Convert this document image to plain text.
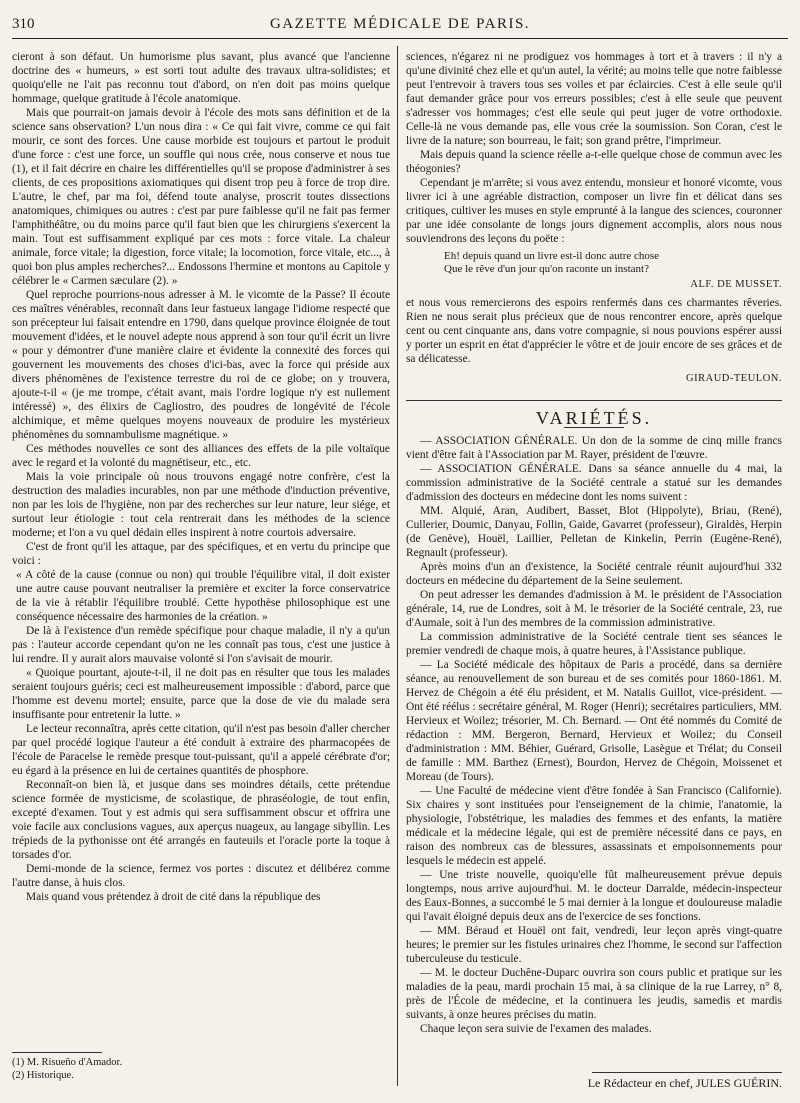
310	GAZETTE MÉDICALE DE PARIS.

cieront à son défaut. Un humorisme plus savant, plus avancé que l'ancienne doctrine des « humeurs, » est sorti tout adulte des travaux ultra-solidistes; et quoiqu'elle ne l'ait pas reconnu tout d'abord, on n'en doit pas moins quelque hommage, quelque gratitude à l'école anatomique.

Mais que pourrait-on jamais devoir à l'école des mots sans définition et de la science sans observation? L'un nous dira : « Ce qui fait vivre, comme ce qui fait mourir, ce sont des forces. Une cause morbide est toujours et partout le produit d'une force : c'est une force, un souffle qui nous crée, nous conserve et nous tue (1), et il fait décrire en chaire les différentielles qu'il se propose d'administrer à ses clients, de ces propositions axiomatiques qui disent trop peu à force de trop dire. L'autre, le chef, par ma foi, défend toute analyse, proscrit toutes dissections anatomiques, chimiques ou autres : c'est par pure faiblesse qu'il ne fait pas fermer l'amphithéâtre, ou du moins parce qu'il faut bien que les chirurgiens s'exercent la main. Tout est suffisamment expliqué par ces mots : force vitale. La chaleur animale, force vitale; la digestion, force vitale; la locomotion, force vitale, etc..., à quoi bon plus amples recherches?... Endossons l'hermine et montons au Capitole y célébrer le « Carmen sæculare (2). »

Quel reproche pourrions-nous adresser à M. le vicomte de la Passe? Il écoute ces maîtres vénérables, reconnaît dans leur fastueux langage l'idiome respecté que son précepteur lui faisait entendre en 1790, dans quelque province éloignée de tout mouvement d'idées, et le nouvel adepte nous apprend à son tour qu'il écrit un livre « pour y démontrer d'une manière claire et évidente la connexité des forces qui gouvernent les mouvements des choses d'ici-bas, avec la force qui préside aux divers phénomènes de l'existence terrestre du roi de ce globe; on y trouvera, ajoute-t-il « (je me trompe, c'était avant, mais l'ordre logique n'y est nullement intéressé) », des élixirs de Cagliostro, des poudres de longévité de l'école alchimique, et même quelques moyens nouveaux de produire les mystérieux phénomènes du somnambulisme magnétique. »

Ces méthodes nouvelles ce sont des alliances des effets de la pile voltaïque avec le regard et la volonté du magnétiseur, etc., etc.

Mais la voie principale où nous trouvons engagé notre confrère, c'est la destruction des maladies incurables, non par une méthode d'induction préventive, non par les lois de l'hygiène, non par des recherches sur leur nature, leur siége, et surtout leur étiologie : tout cela rentrerait dans les méthodes de la science moderne; et l'on a vu quel dédain elles inspirent à notre courtois adversaire.

C'est de front qu'il les attaque, par des spécifiques, et en vertu du principe que voici :

« A côté de la cause (connue ou non) qui trouble l'équilibre vital, il doit exister une autre cause pouvant neutraliser la première et exciter la force conservatrice de la vie à rétablir l'équilibre troublé. Cette hypothèse philosophique est une conséquence nécessaire des harmonies de la création. »

De là à l'existence d'un remède spécifique pour chaque maladie, il n'y a qu'un pas : l'auteur accorde cependant qu'on ne les connaît pas tous, c'est une justice à lui rendre. Il y aurait alors mauvaise volonté si l'on s'avisait de mourir.

« Quoique pourtant, ajoute-t-il, il ne doit pas en résulter que tous les malades seraient toujours guéris; ceci est malheureusement impossible : d'abord, parce que l'homme est devenu mortel; ensuite, parce que la dose de vie du malade sera insuffisante pour entretenir la lutte. »

Le lecteur reconnaîtra, après cette citation, qu'il n'est pas besoin d'aller chercher par quel procédé logique l'auteur a été conduit à extraire des pharmacopées de l'école de Paracelse le remède presque tout-puissant, qu'il a appelé cérébrate d'or; eu égard à la présence en lui de certaines quantités de phosphore.

Reconnaît-on bien là, et jusque dans ses moindres détails, cette prétendue science formée de mysticisme, de scolastique, de phraséologie, de tout enfin, excepté d'examen. Tout y est admis qui sera suffisamment obscur et offrira une voie facile aux conclusions vagues, aux aperçus nuageux, au langage sibyllin. Les trépieds de la pythonisse ont été arrangés en fauteuils et l'oracle porte la toque à torsades d'or.

Demi-monde de la science, fermez vos portes : discutez et délibérez comme l'autre danse, à huis clos.

Mais quand vous prétendez à droit de cité dans la république des

(1) M. Risueño d'Amador.
(2) Historique.

sciences, n'égarez ni ne prodiguez vos hommages à tort et à travers : il n'y a qu'une divinité chez elle et qu'un autel, la vérité; au moins telle que notre faiblesse peut l'entrevoir à travers tous ses voiles et par éclaircies. C'est à elle seule qu'il faut demander grâce pour vos erreurs possibles; c'est à elle seule que peuvent s'adresser vos hommages; c'est elle seule qui peut juger de votre orthodoxie. Celle-là ne vous demande pas, elle vous crée la soumission. Son Coran, c'est le livre de la nature; son bourreau, le fait; son grand prêtre, l'imprimeur.

Mais depuis quand la science réelle a-t-elle quelque chose de commun avec les théogonies?

Cependant je m'arrête; si vous avez entendu, monsieur et honoré vicomte, vous livrer ici à une agréable distraction, composer un livre fin et délicat dans ses critiques, cultiver les muses en style emprunté à la langue des sciences, couronner par une idée consolante de longs jours dignement accomplis, alors nous nous souviendrons des leçons du poëte :

Eh! depuis quand un livre est-il donc autre chose

Que le rêve d'un jour qu'on raconte un instant?

ALF. DE MUSSET.

et nous vous remercierons des espoirs renfermés dans ces charmantes rêveries. Rien ne nous serait plus précieux que de nous rencontrer encore, après quelque cent ou cent cinquante ans, dans votre compagnie, si nous pouvions espérer aussi y porter un esprit en état d'apprécier le vôtre et de jouir encore de ses grâces et de sa délicatesse.

GIRAUD-TEULON.

VARIÉTÉS.

— ASSOCIATION GÉNÉRALE. Un don de la somme de cinq mille francs vient d'être fait à l'Association par M. Rayer, président de l'œuvre.

— ASSOCIATION GÉNÉRALE. Dans sa séance annuelle du 4 mai, la commission administrative de la Société centrale a statué sur les demandes d'admission des docteurs en médecine dont les noms suivent :

MM. Alquié, Aran, Audibert, Basset, Blot (Hippolyte), Briau, (René), Cullerier, Doumic, Danyau, Follin, Gaide, Gavarret (professeur), Giraldès, Herpin (de Genève), Houël, Laillier, Pelletan de Kinkelin, Perrin (Eugène-René), Regnault (professeur).

Après moins d'un an d'existence, la Société centrale réunit aujourd'hui 332 docteurs en médecine du département de la Seine seulement.

On peut adresser les demandes d'admission à M. le président de l'Association générale, 14, rue de Londres, soit à M. le trésorier de la Société centrale, 23, rue d'Aumale, soit à l'un des membres de la commission administrative.

La commission administrative de la Société centrale tient ses séances le premier vendredi de chaque mois, à quatre heures, à l'Assistance publique.

— La Société médicale des hôpitaux de Paris a procédé, dans sa dernière séance, au renouvellement de son bureau et de ses comités pour 1860-1861. M. Hervez de Chégoin a été élu président, et M. Natalis Guillot, vice-président. — Ont été réélus : secrétaire général, M. Roger (Henri); secrétaires particuliers, MM. Hervieux et Woilez; trésorier, M. Ch. Bernard. — Ont été nommés du Comité de rédaction : MM. Bergeron, Bernard, Hervieux et Woilez; du Conseil d'administration : MM. Béhier, Guérard, Grisolle, Lasègue et Trélat; du Conseil de famille : MM. Barthez (Ernest), Bourdon, Hervez de Chégoin, Moissenet et Moreau (de Tours).

— Une Faculté de médecine vient d'être fondée à San Francisco (Californie). Six chaires y sont instituées pour l'enseignement de la chimie, l'anatomie, la physiologie, l'obstétrique, les maladies des femmes et des enfants, la matière médicale et la médecine légale, qui est de première nécessité dans ce pays, en raison des nombreux cas de blessures, assassinats et empoisonnements pour lesquels le médecin est appelé.

— Une triste nouvelle, quoiqu'elle fût malheureusement prévue depuis longtemps, nous arrive aujourd'hui. M. le docteur Darralde, médecin-inspecteur des Eaux-Bonnes, a succombé le 5 mai dernier à la longue et douloureuse maladie qui l'avait éloigné depuis deux ans de l'exercice de ses fonctions.

— MM. Béraud et Houël ont fait, vendredi, leur leçon après vingt-quatre heures; le premier sur les fistules urinaires chez l'homme, le second sur l'affection tuberculeuse du testicule.

— M. le docteur Duchêne-Duparc ouvrira son cours public et pratique sur les maladies de la peau, mardi prochain 15 mai, à sa clinique de la rue Larrey, n° 8, près de l'École de médecine, et la continuera les jeudis, samedis et mardis suivants, à onze heures précises du matin.

Chaque leçon sera suivie de l'examen des malades.

Le Rédacteur en chef, JULES GUÉRIN.
